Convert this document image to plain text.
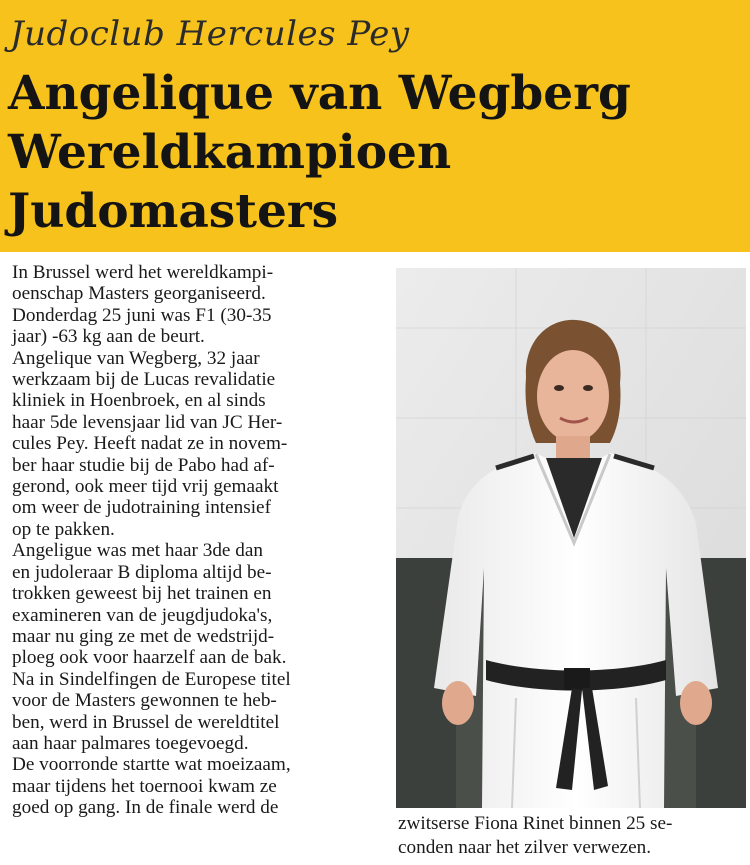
Judoclub Hercules Pey
Angelique van Wegberg
Wereldkampioen
Judomasters
In Brussel werd het wereldkampi-
oenschap Masters georganiseerd.
Donderdag 25 juni was F1 (30-35
jaar) -63 kg aan de beurt.
Angelique van Wegberg, 32 jaar
werkzaam bij de Lucas revalidatie
kliniek in Hoenbroek, en al sinds
haar 5de levensjaar lid van JC Her-
cules Pey. Heeft nadat ze in novem-
ber haar studie bij de Pabo had af-
gerond, ook meer tijd vrij gemaakt
om weer de judotraining intensief
op te pakken.
Angeligue was met haar 3de dan
en judoleraar B diploma altijd be-
trokken geweest bij het trainen en
examineren van de jeugdjudoka's,
maar nu ging ze met de wedstrijd-
ploeg ook voor haarzelf aan de bak.
Na in Sindelfingen de Europese titel
voor de Masters gewonnen te heb-
ben, werd in Brussel de wereldtitel
aan haar palmares toegevoegd.
De voorronde startte wat moeizaam,
maar tijdens het toernooi kwam ze
goed op gang. In de finale werd de
zwitserse Fiona Rinet binnen 25 se-
conden naar het zilver verwezen.
